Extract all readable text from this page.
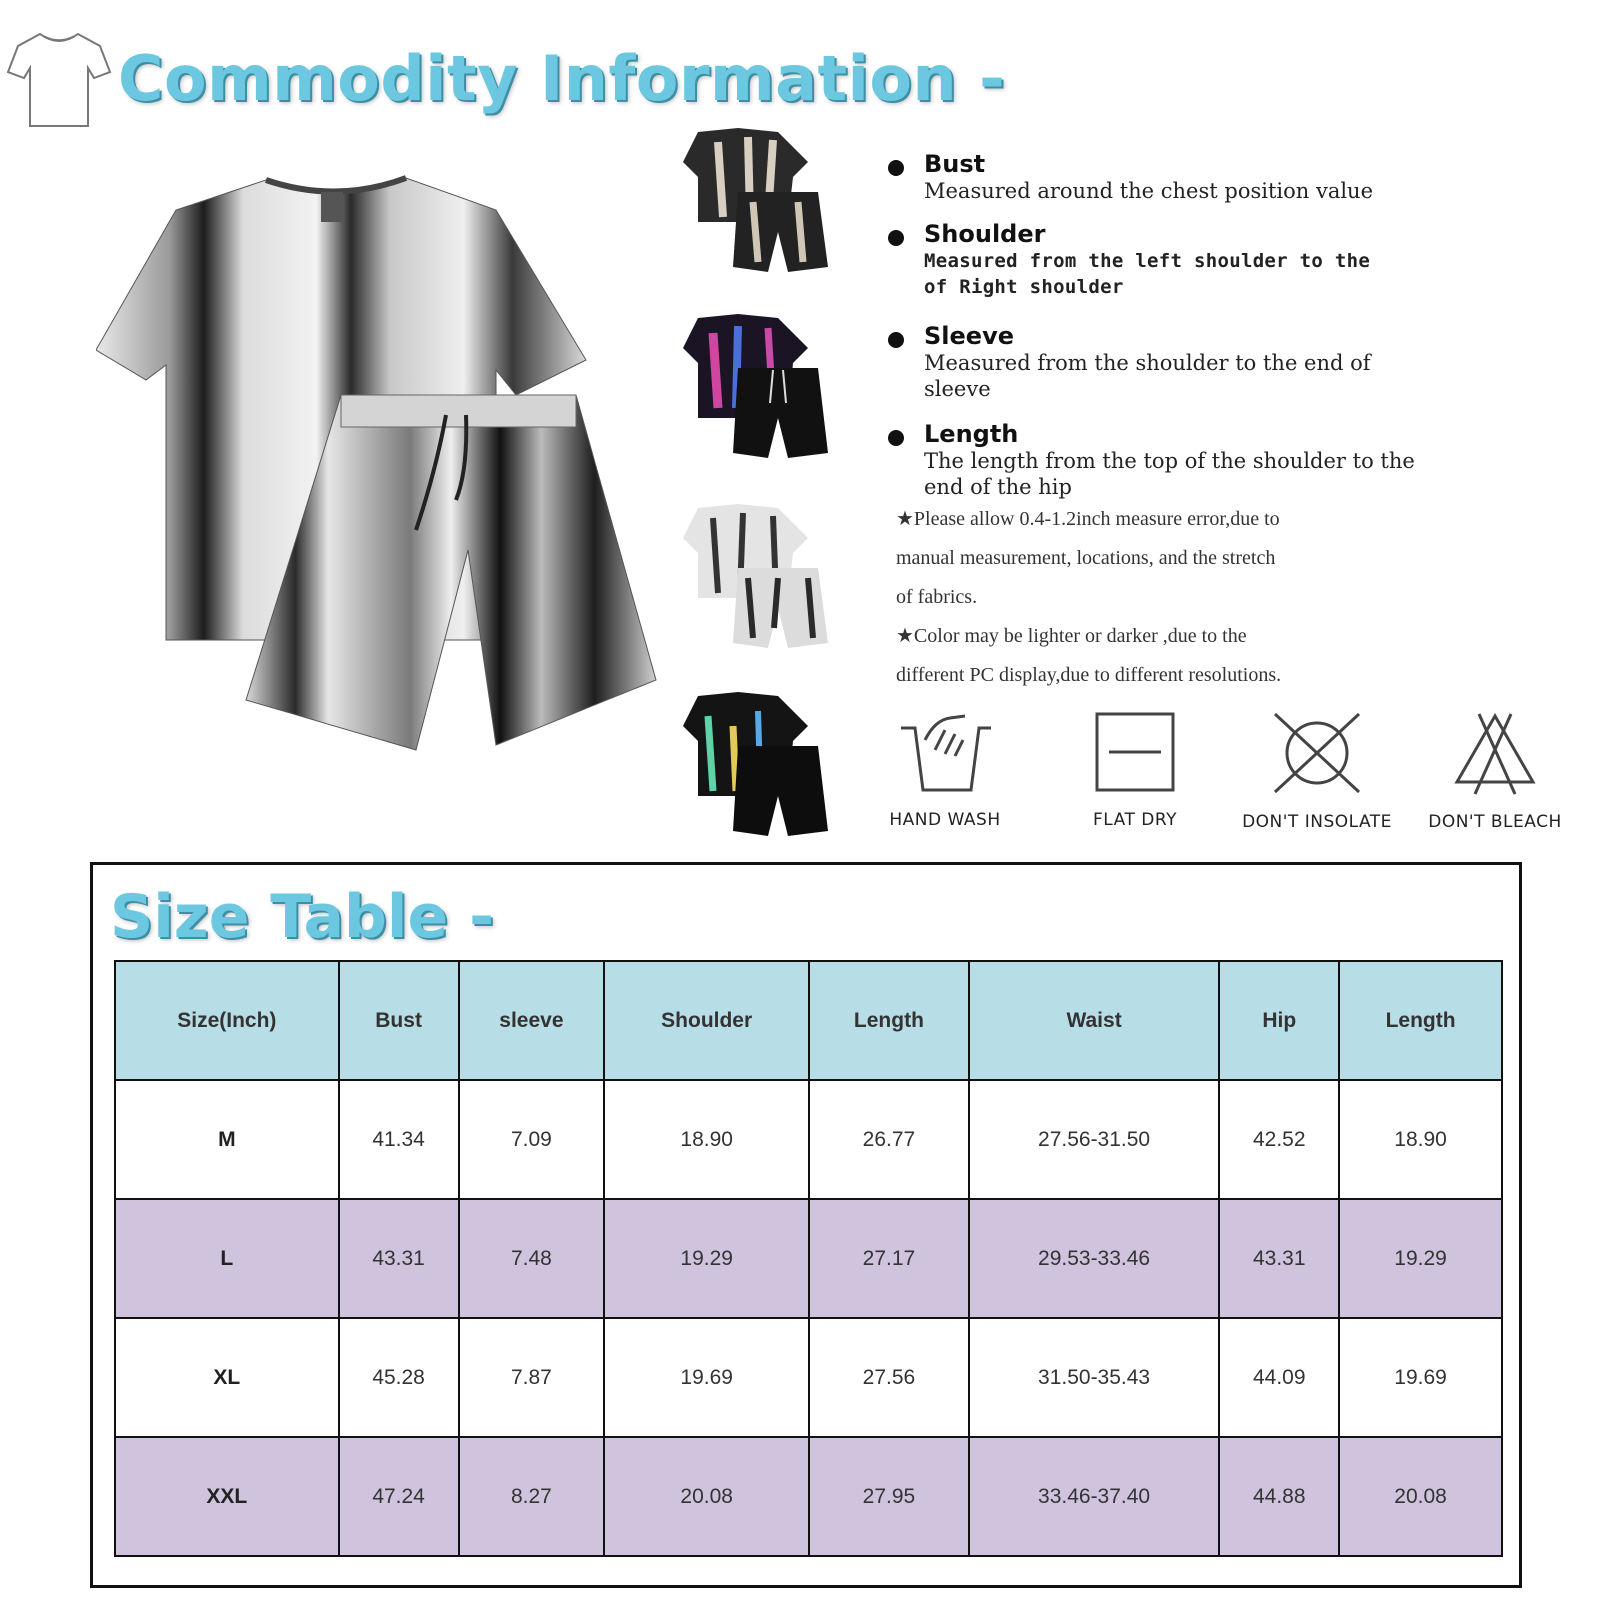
Commodity Information -
Bust
Measured around the chest position value
Shoulder
Measured from the left shoulder to the of Right shoulder
Sleeve
Measured from the shoulder to the end of sleeve
Length
The length from the top of the shoulder to the end of the hip
★Please allow 0.4-1.2inch measure error,due to
manual measurement, locations, and the stretch
of fabrics.
★Color may be lighter or darker ,due to the
different PC display,due to different resolutions.
HAND WASH	FLAT DRY	DON'T INSOLATE	DON'T BLEACH
Size Table -
Size(Inch)	Bust	sleeve	Shoulder	Length	Waist	Hip	Length
M	41.34	7.09	18.90	26.77	27.56-31.50	42.52	18.90
L	43.31	7.48	19.29	27.17	29.53-33.46	43.31	19.29
XL	45.28	7.87	19.69	27.56	31.50-35.43	44.09	19.69
XXL	47.24	8.27	20.08	27.95	33.46-37.40	44.88	20.08
